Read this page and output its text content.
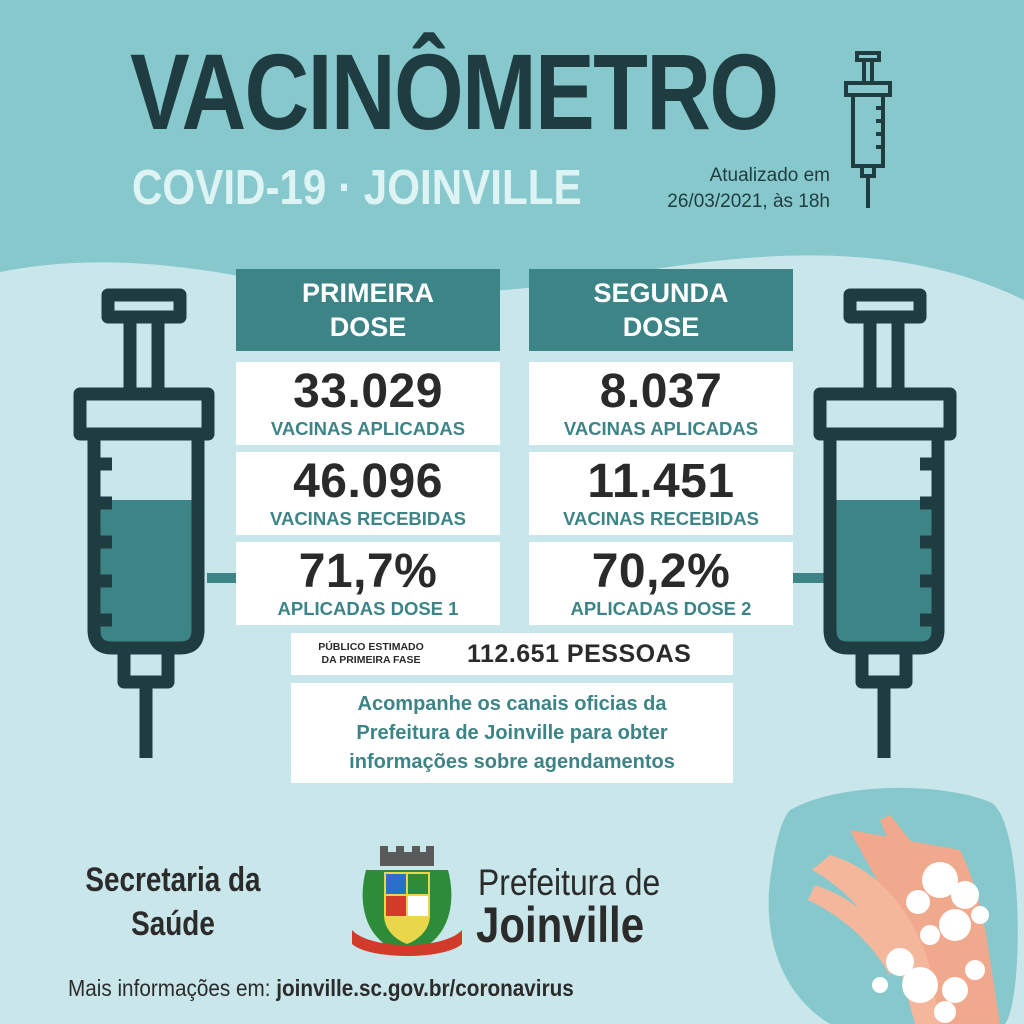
VACINÔMETRO
COVID-19 · JOINVILLE	Atualizado em
26/03/2021, às 18h
PRIMEIRA
DOSE
33.029
VACINAS APLICADAS
46.096
VACINAS RECEBIDAS
71,7%
APLICADAS DOSE 1
SEGUNDA
DOSE
8.037
VACINAS APLICADAS
11.451
VACINAS RECEBIDAS
70,2%
APLICADAS DOSE 2
PÚBLICO ESTIMADO
DA PRIMEIRA FASE	112.651 PESSOAS
Acompanhe os canais oficias da
Prefeitura de Joinville para obter
informações sobre agendamentos
Secretaria da
Saúde
Prefeitura de
Joinville
Mais informações em: joinville.sc.gov.br/coronavirus
